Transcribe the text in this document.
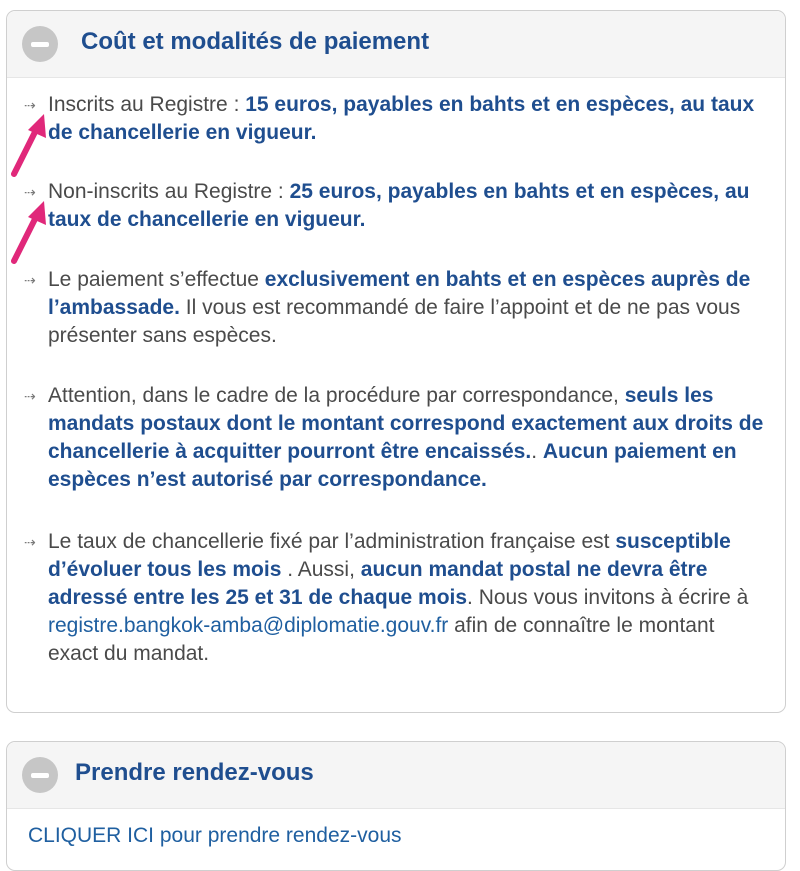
Coût et modalités de paiement
⇢ Inscrits au Registre : 15 euros, payables en bahts et en espèces, au taux de chancellerie en vigueur.
⇢ Non-inscrits au Registre : 25 euros, payables en bahts et en espèces, au taux de chancellerie en vigueur.
⇢ Le paiement s’effectue exclusivement en bahts et en espèces auprès de l’ambassade. Il vous est recommandé de faire l’appoint et de ne pas vous présenter sans espèces.
⇢ Attention, dans le cadre de la procédure par correspondance, seuls les mandats postaux dont le montant correspond exactement aux droits de chancellerie à acquitter pourront être encaissés.. Aucun paiement en espèces n’est autorisé par correspondance.
⇢ Le taux de chancellerie fixé par l’administration française est susceptible d’évoluer tous les mois . Aussi, aucun mandat postal ne devra être adressé entre les 25 et 31 de chaque mois. Nous vous invitons à écrire à registre.bangkok-amba@diplomatie.gouv.fr afin de connaître le montant exact du mandat.
Prendre rendez-vous
CLIQUER ICI pour prendre rendez-vous
